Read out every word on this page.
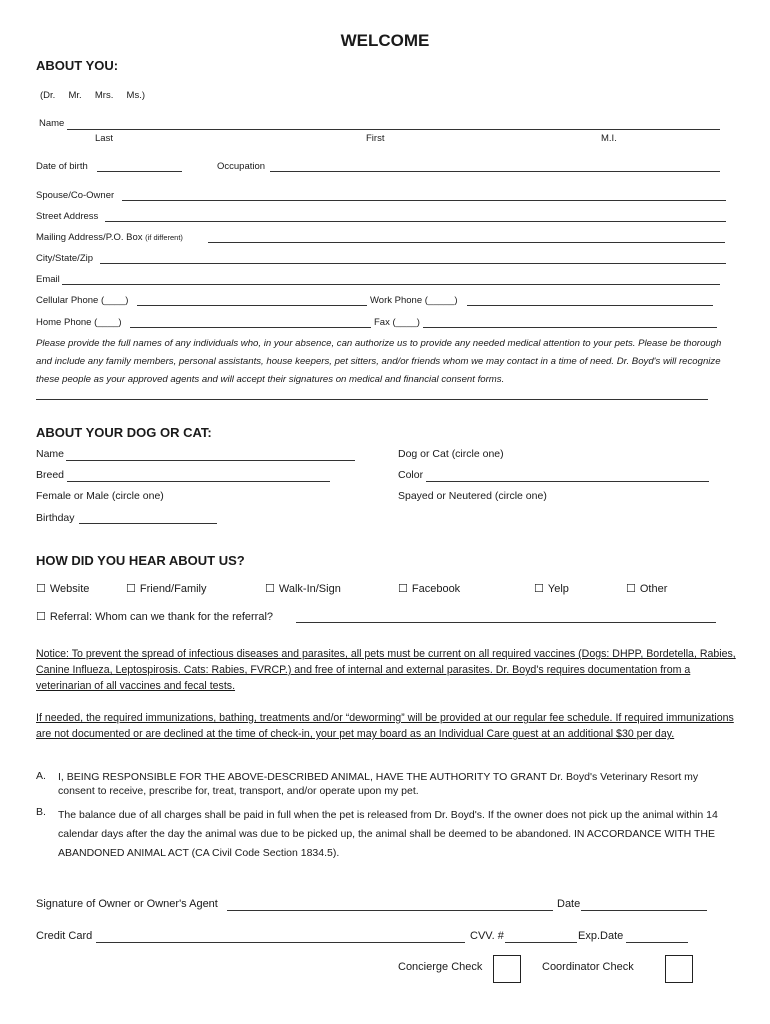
WELCOME
ABOUT YOU:
(Dr.     Mr.     Mrs.     Ms.)
Name
Last	First	M.I.
Date of birth	Occupation
Spouse/Co-Owner
Street Address
Mailing Address/P.O. Box (if different)
City/State/Zip
Email
Cellular Phone (____)	Work Phone (_____)
Home Phone (____)	Fax (____)
Please provide the full names of any individuals who, in your absence, can authorize us to provide any needed medical attention to your pets. Please be thorough and include any family members, personal assistants, house keepers, pet sitters, and/or friends whom we may contact in a time of need. Dr. Boyd's will recognize these people as your approved agents and will accept their signatures on medical and financial consent forms.
ABOUT YOUR DOG OR CAT:
Name	Dog or Cat (circle one)
Breed	Color
Female or Male (circle one)	Spayed or Neutered (circle one)
Birthday
HOW DID YOU HEAR ABOUT US?
☐ Website	☐ Friend/Family	☐ Walk-In/Sign	☐ Facebook	☐ Yelp	☐ Other
☐ Referral: Whom can we thank for the referral?
Notice: To prevent the spread of infectious diseases and parasites, all pets must be current on all required vaccines (Dogs: DHPP, Bordetella, Rabies, Canine Influeza, Leptospirosis. Cats: Rabies, FVRCP.) and free of internal and external parasites. Dr. Boyd's requires documentation from a veterinarian of all vaccines and fecal tests.
If needed, the required immunizations, bathing, treatments and/or “deworming” will be provided at our regular fee schedule. If required immunizations are not documented or are declined at the time of check-in, your pet may board as an Individual Care guest at an additional $30 per day.
A. I, BEING RESPONSIBLE FOR THE ABOVE-DESCRIBED ANIMAL, HAVE THE AUTHORITY TO GRANT Dr. Boyd's Veterinary Resort my consent to receive, prescribe for, treat, transport, and/or operate upon my pet.
B. The balance due of all charges shall be paid in full when the pet is released from Dr. Boyd's. If the owner does not pick up the animal within 14 calendar days after the day the animal was due to be picked up, the animal shall be deemed to be abandoned. IN ACCORDANCE WITH THE ABANDONED ANIMAL ACT (CA Civil Code Section 1834.5).
Signature of Owner or Owner's Agent	Date
Credit Card	CVV. #	Exp.Date
Concierge Check	Coordinator Check
